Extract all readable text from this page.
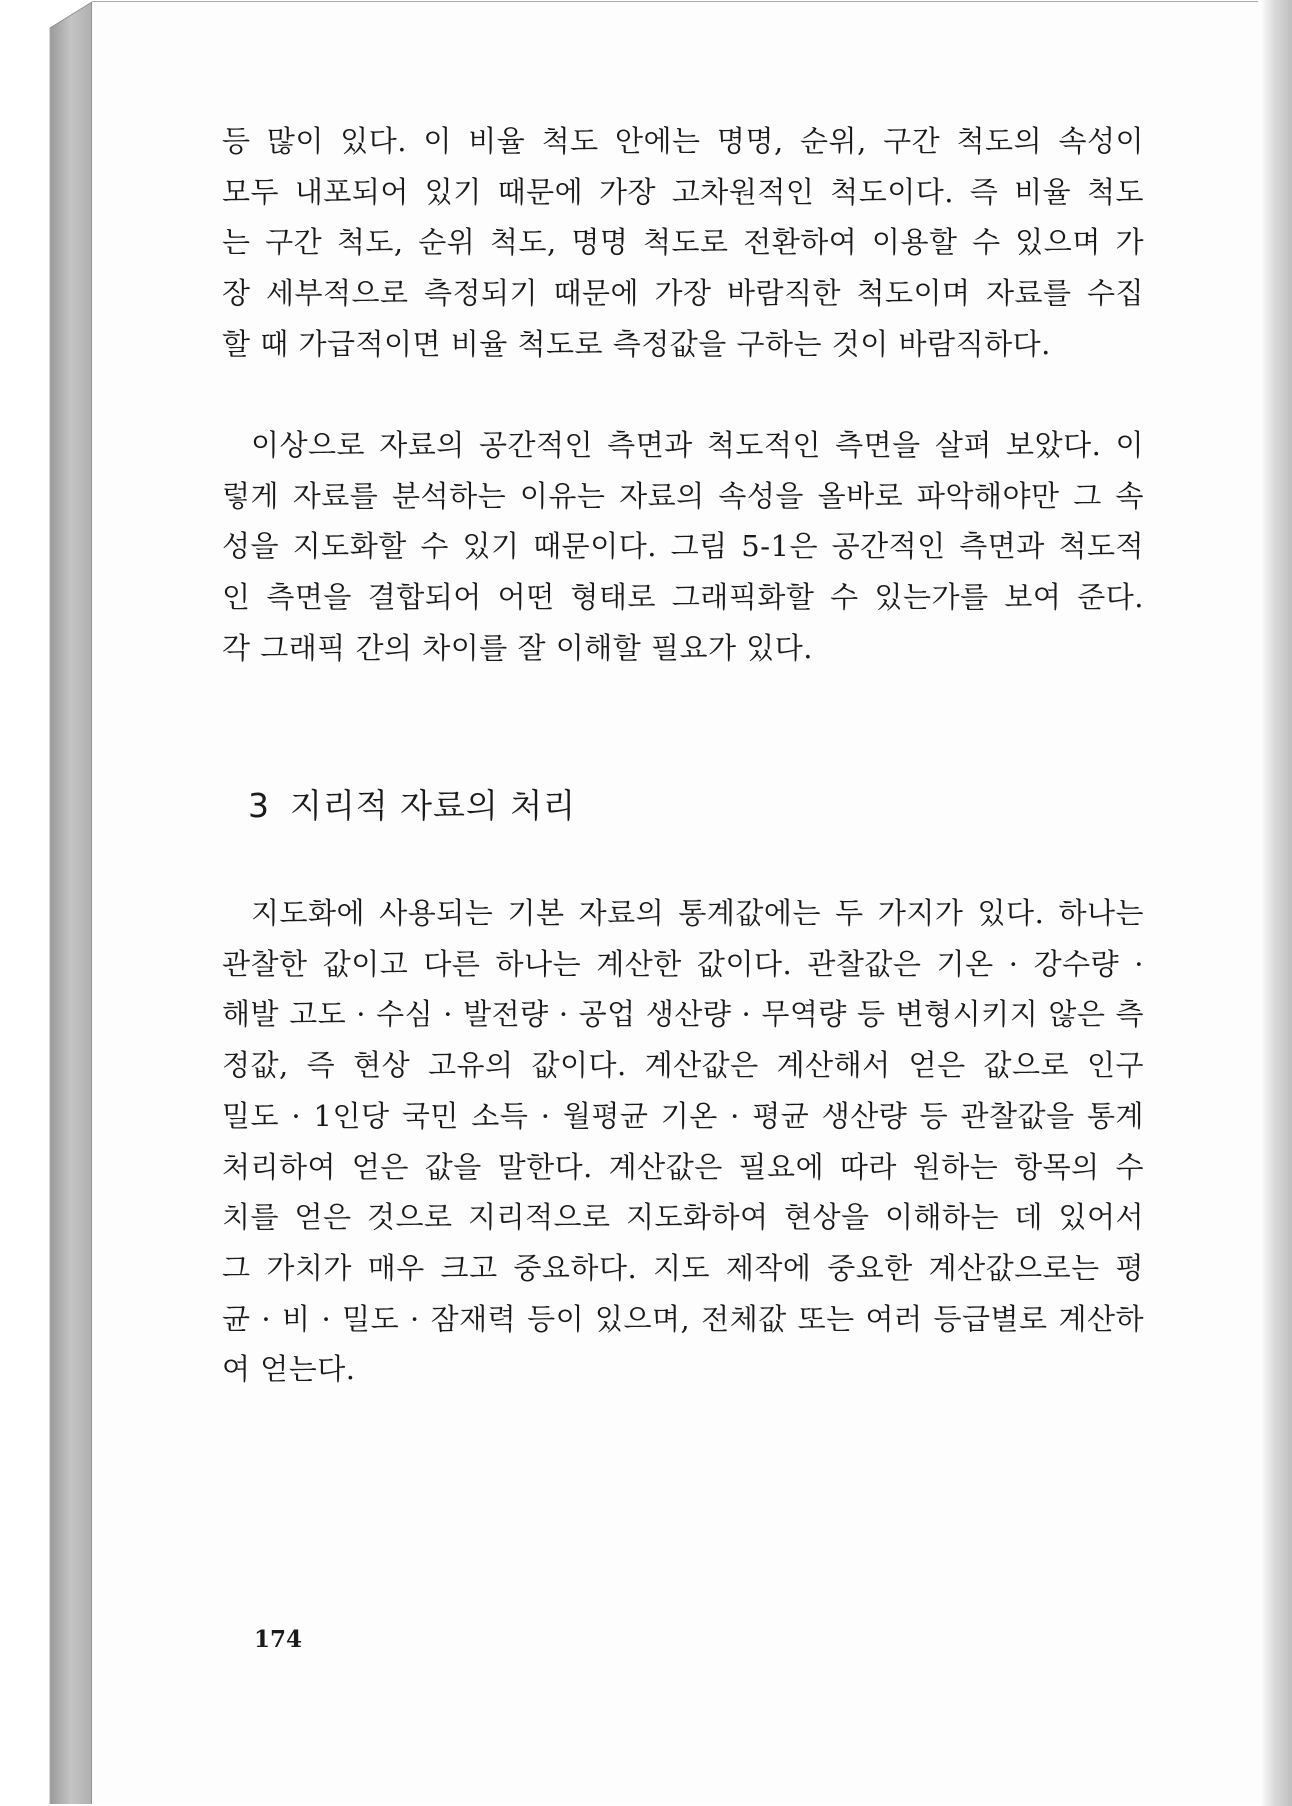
등 많이 있다. 이 비율 척도 안에는 명명, 순위, 구간 척도의 속성이
모두 내포되어 있기 때문에 가장 고차원적인 척도이다. 즉 비율 척도
는 구간 척도, 순위 척도, 명명 척도로 전환하여 이용할 수 있으며 가
장 세부적으로 측정되기 때문에 가장 바람직한 척도이며 자료를 수집
할 때 가급적이면 비율 척도로 측정값을 구하는 것이 바람직하다.
이상으로 자료의 공간적인 측면과 척도적인 측면을 살펴 보았다. 이
렇게 자료를 분석하는 이유는 자료의 속성을 올바로 파악해야만 그 속
성을 지도화할 수 있기 때문이다. 그림 5-1은 공간적인 측면과 척도적
인 측면을 결합되어 어떤 형태로 그래픽화할 수 있는가를 보여 준다.
각 그래픽 간의 차이를 잘 이해할 필요가 있다.
3 지리적 자료의 처리
지도화에 사용되는 기본 자료의 통계값에는 두 가지가 있다. 하나는
관찰한 값이고 다른 하나는 계산한 값이다. 관찰값은 기온 · 강수량 ·
해발 고도 · 수심 · 발전량 · 공업 생산량 · 무역량 등 변형시키지 않은 측
정값, 즉 현상 고유의 값이다. 계산값은 계산해서 얻은 값으로 인구
밀도 · 1인당 국민 소득 · 월평균 기온 · 평균 생산량 등 관찰값을 통계
처리하여 얻은 값을 말한다. 계산값은 필요에 따라 원하는 항목의 수
치를 얻은 것으로 지리적으로 지도화하여 현상을 이해하는 데 있어서
그 가치가 매우 크고 중요하다. 지도 제작에 중요한 계산값으로는 평
균 · 비 · 밀도 · 잠재력 등이 있으며, 전체값 또는 여러 등급별로 계산하
여 얻는다.
174
